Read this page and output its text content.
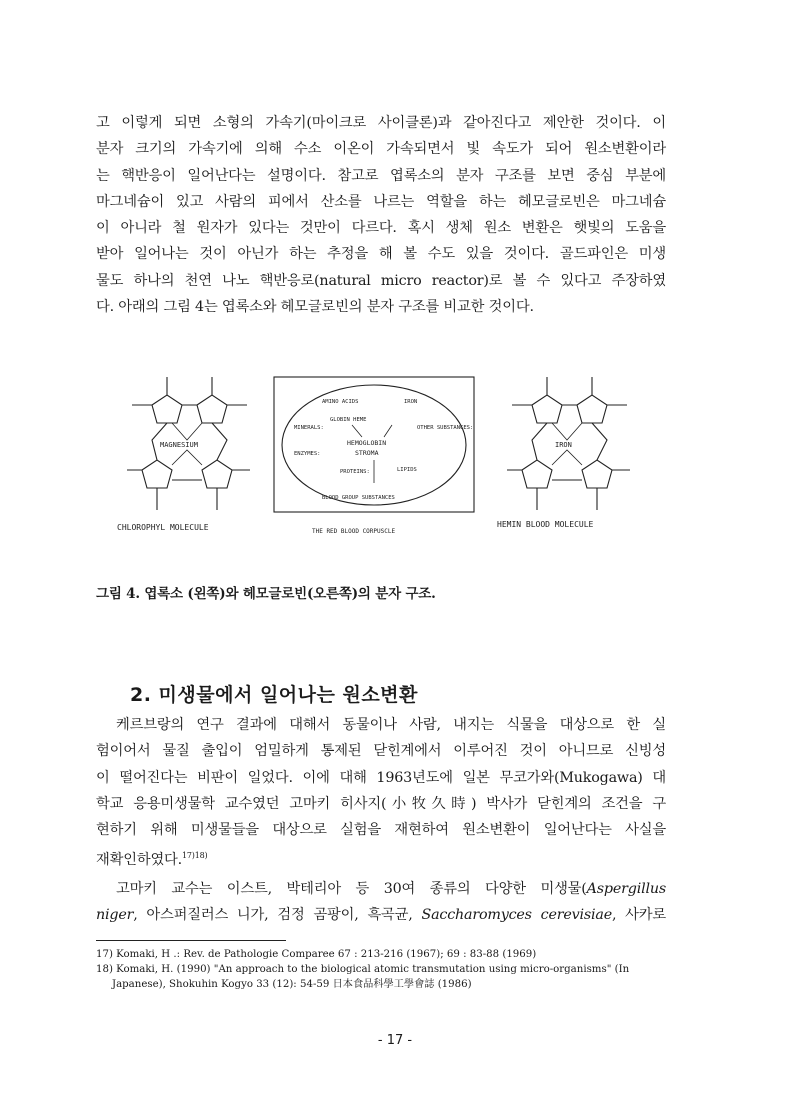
고 이렇게 되면 소형의 가속기(마이크로 사이클론)과 같아진다고 제안한 것이다. 이
분자 크기의 가속기에 의해 수소 이온이 가속되면서 빛 속도가 되어 원소변환이라
는 핵반응이 일어난다는 설명이다. 참고로 엽록소의 분자 구조를 보면 중심 부분에
마그네슘이 있고 사람의 피에서 산소를 나르는 역할을 하는 헤모글로빈은 마그네슘
이 아니라 철 원자가 있다는 것만이 다르다. 혹시 생체 원소 변환은 햇빛의 도움을
받아 일어나는 것이 아닌가 하는 추정을 해 볼 수도 있을 것이다. 골드파인은 미생
물도 하나의 천연 나노 핵반응로(natural micro reactor)로 볼 수 있다고 주장하였
다. 아래의 그림 4는 엽록소와 헤모글로빈의 분자 구조를 비교한 것이다.
MAGNESIUM
CHLOROPHYL MOLECULE
AMINO ACIDS	IRON
GLOBIN HEME
MINERALS:
ENZYMES:
OTHER SUBSTANCES:
HEMOGLOBIN
STROMA
PROTEINS:	LIPIDS
BLOOD GROUP SUBSTANCES
THE RED BLOOD CORPUSCLE
IRON
HEMIN BLOOD MOLECULE
그림 4. 엽록소 (왼쪽)와 헤모글로빈(오른쪽)의 분자 구조.
2. 미생물에서 일어나는 원소변환
케르브랑의 연구 결과에 대해서 동물이나 사람, 내지는 식물을 대상으로 한 실
험이어서 물질 출입이 엄밀하게 통제된 닫힌계에서 이루어진 것이 아니므로 신빙성
이 떨어진다는 비판이 일었다. 이에 대해 1963년도에 일본 무코가와(Mukogawa) 대
학교 응용미생물학 교수였던 고마키 히사지(小牧久時) 박사가 닫힌계의 조건을 구
현하기 위해 미생물들을 대상으로 실험을 재현하여 원소변환이 일어난다는 사실을
재확인하였다.$^{17)18)}$
고마키 교수는 이스트, 박테리아 등 30여 종류의 다양한 미생물(Aspergillus
niger, 아스퍼질러스 니가, 검정 곰팡이, 흑곡균, Saccharomyces cerevisiae, 사카로
17) Komaki, H .: Rev. de Pathologie Comparee 67 : 213-216 (1967); 69 : 83-88 (1969)
18) Komaki, H. (1990) "An approach to the biological atomic transmutation using micro-organisms" (In
Japanese), Shokuhin Kogyo 33 (12): 54-59 日本食品科學工學會誌 (1986)
- 17 -
